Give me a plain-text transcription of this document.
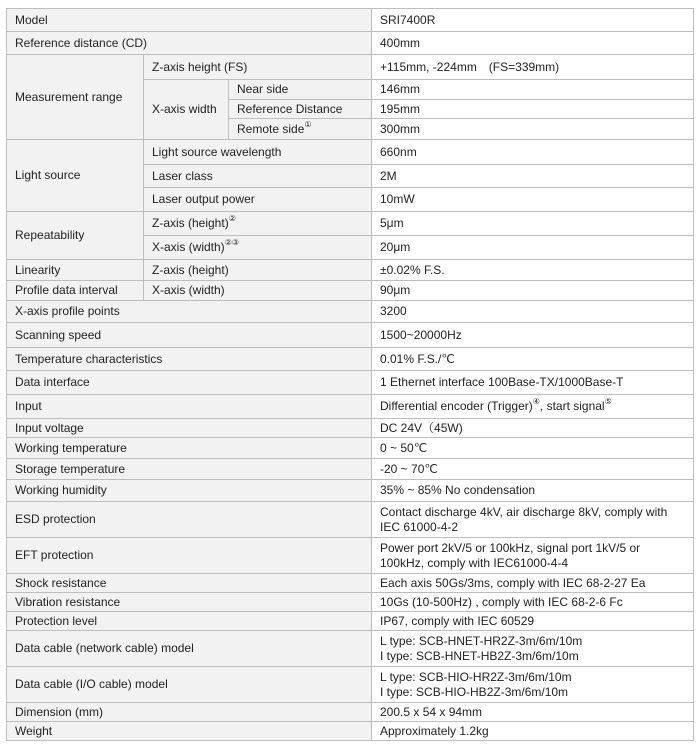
Model			SRI7400R
Reference distance (CD)			400mm
Measurement range	Z-axis height (FS)		+115mm, -224mm　(FS=339mm)
	X-axis width	Near side	146mm
		Reference Distance	195mm
		Remote side①	300mm
Light source	Light source wavelength		660nm
	Laser class		2M
	Laser output power		10mW
Repeatability	Z-axis (height)②		5μm
	X-axis (width)②③		20μm
Linearity	Z-axis (height)		±0.02% F.S.
Profile data interval	X-axis (width)		90μm
X-axis profile points			3200
Scanning speed			1500~20000Hz
Temperature characteristics			0.01% F.S./℃
Data interface			1 Ethernet interface 100Base-TX/1000Base-T
Input			Differential encoder (Trigger)④, start signal⑤
Input voltage			DC 24V（45W)
Working temperature			0 ~ 50℃
Storage temperature			-20 ~ 70℃
Working humidity			35% ~ 85% No condensation
ESD protection			Contact discharge 4kV, air discharge 8kV, comply with
IEC 61000-4-2

EFT protection			Power port 2kV/5 or 100kHz, signal port 1kV/5 or
100kHz, comply with IEC61000-4-4

Shock resistance			Each axis 50Gs/3ms, comply with IEC 68-2-27 Ea
Vibration resistance			10Gs (10-500Hz) , comply with IEC 68-2-6 Fc
Protection level			IP67, comply with IEC 60529
Data cable (network cable) model			L type: SCB-HNET-HR2Z-3m/6m/10m
I type: SCB-HNET-HB2Z-3m/6m/10m

Data cable (I/O cable) model			L type: SCB-HIO-HR2Z-3m/6m/10m
I type: SCB-HIO-HB2Z-3m/6m/10m

Dimension (mm)			200.5 x 54 x 94mm
Weight			Approximately 1.2kg
